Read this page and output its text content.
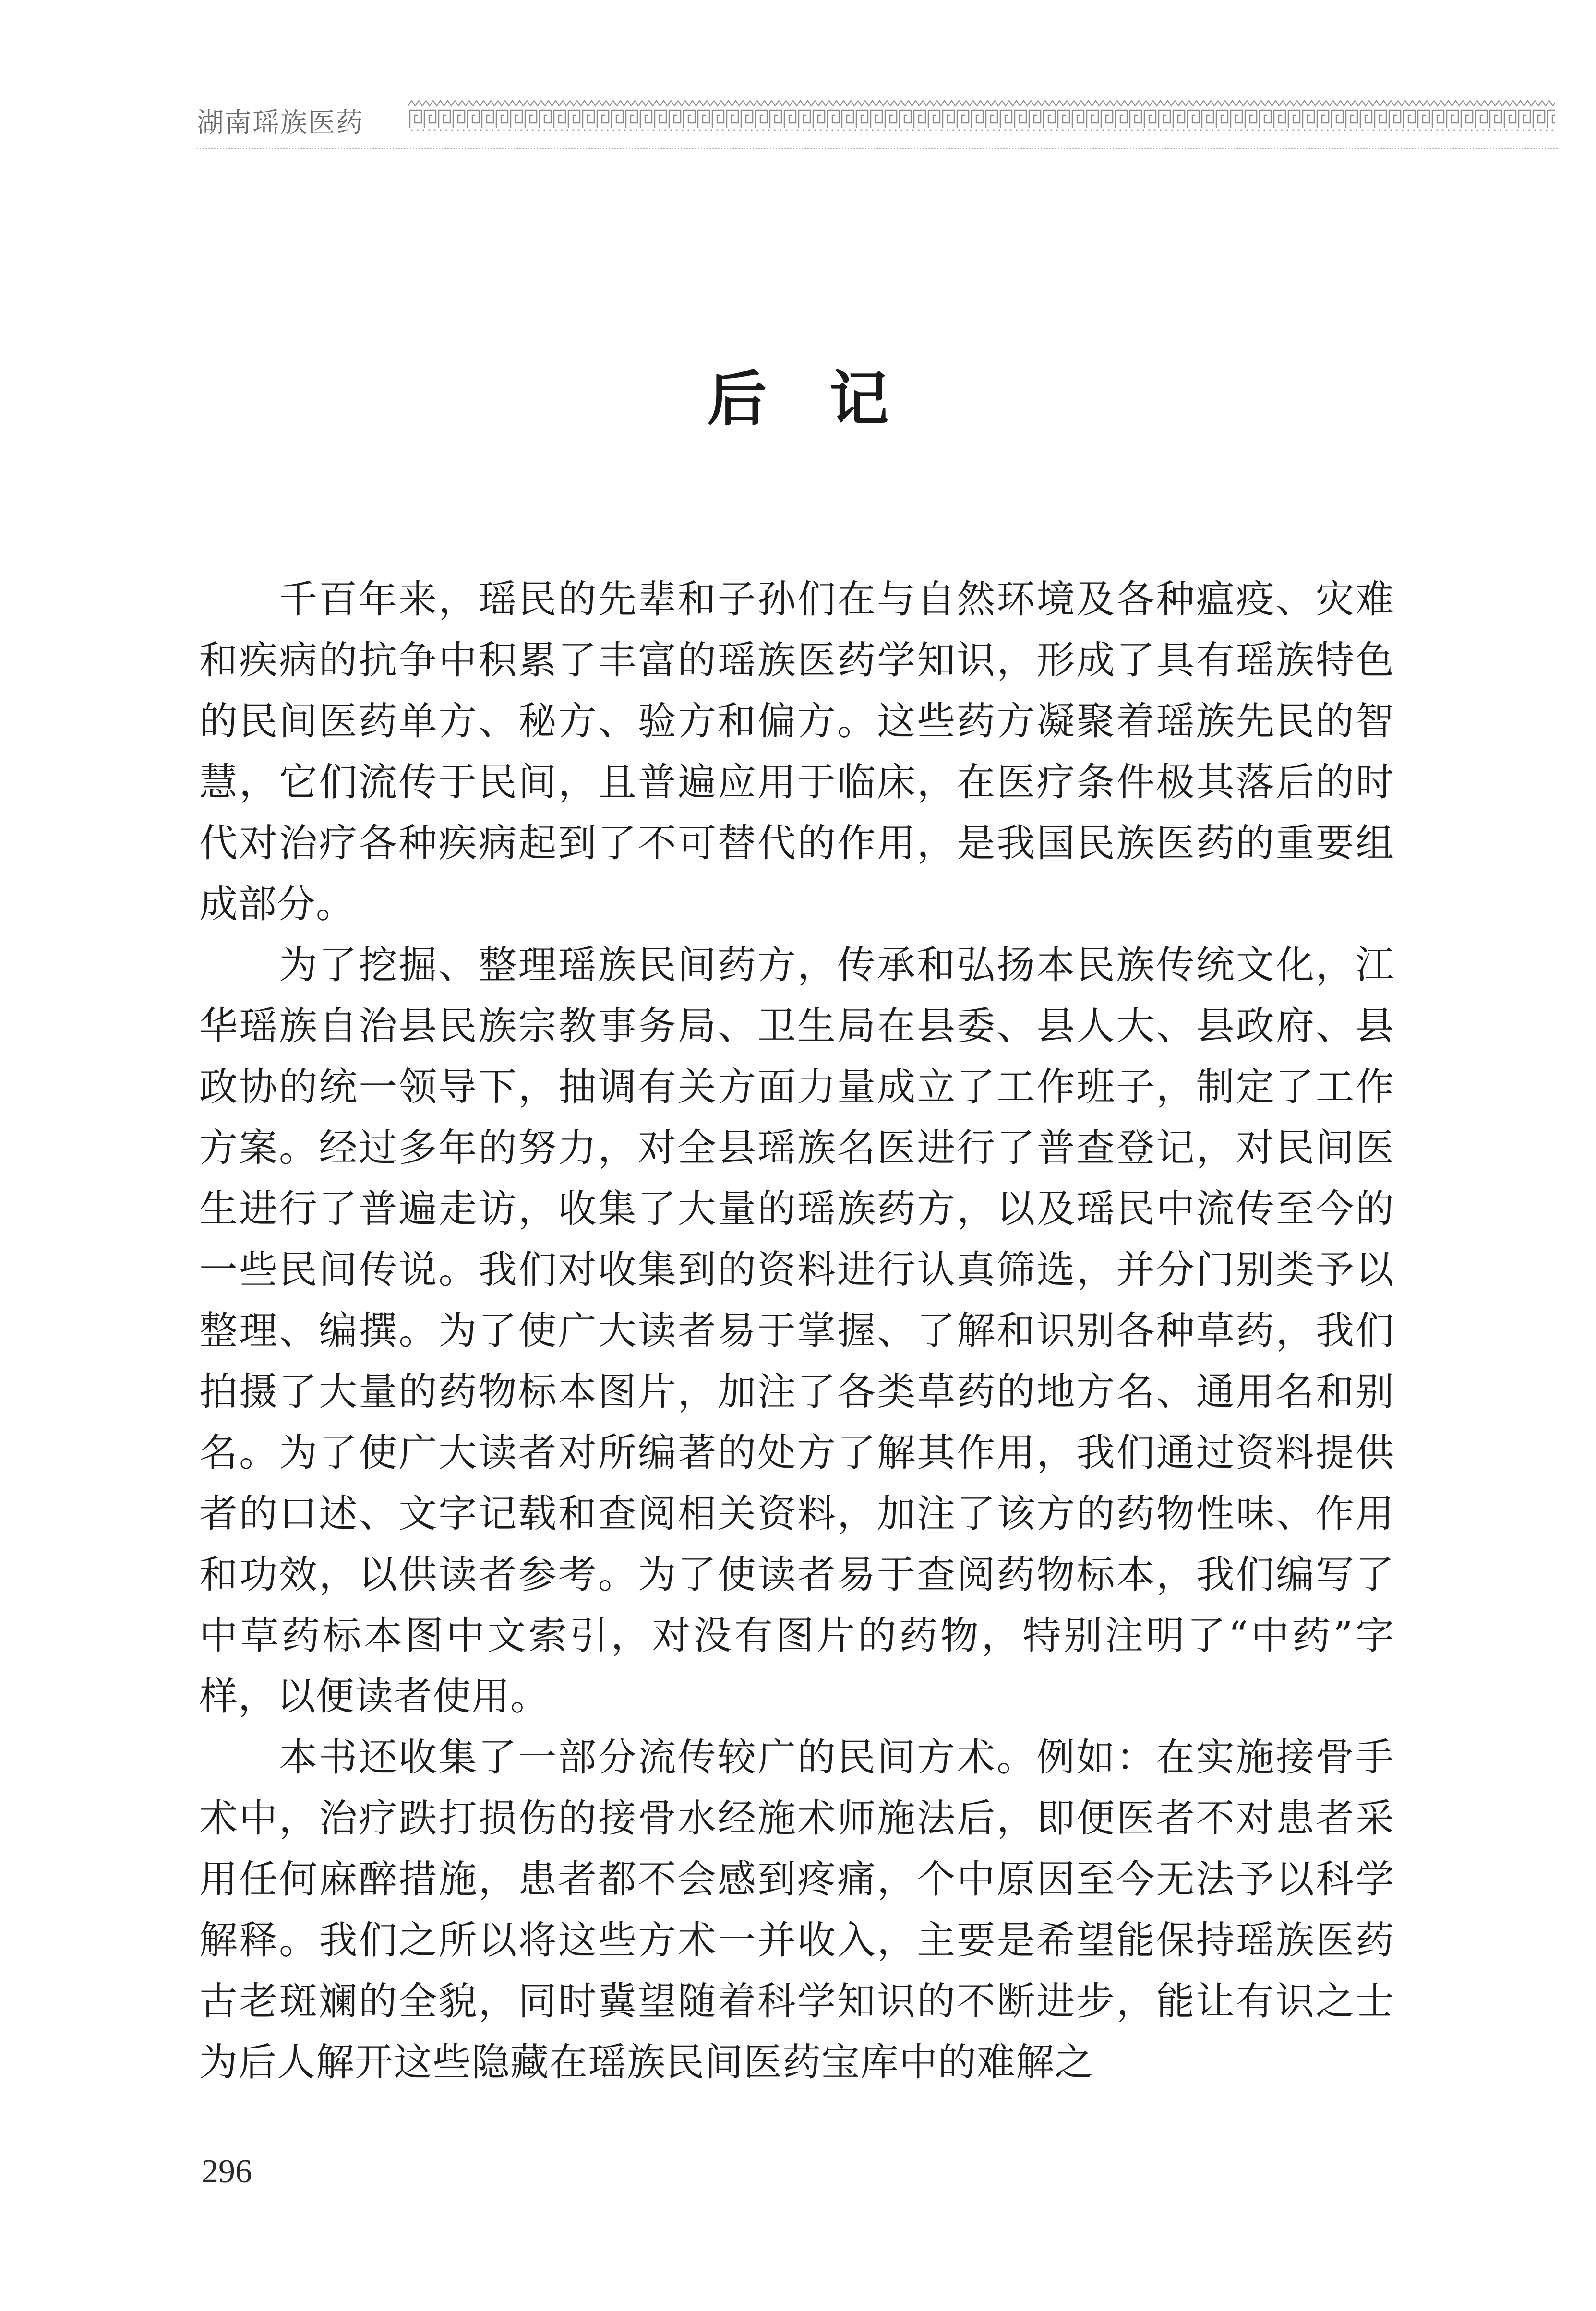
湖南瑶族医药
后记

千百年来，瑶民的先辈和子孙们在与自然环境及各种瘟疫、灾难和疾病的抗争中积累了丰富的瑶族医药学知识，形成了具有瑶族特色的民间医药单方、秘方、验方和偏方。这些药方凝聚着瑶族先民的智慧，它们流传于民间，且普遍应用于临床，在医疗条件极其落后的时代对治疗各种疾病起到了不可替代的作用，是我国民族医药的重要组成部分。

为了挖掘、整理瑶族民间药方，传承和弘扬本民族传统文化，江华瑶族自治县民族宗教事务局、卫生局在县委、县人大、县政府、县政协的统一领导下，抽调有关方面力量成立了工作班子，制定了工作方案。经过多年的努力，对全县瑶族名医进行了普查登记，对民间医生进行了普遍走访，收集了大量的瑶族药方，以及瑶民中流传至今的一些民间传说。我们对收集到的资料进行认真筛选，并分门别类予以整理、编撰。为了使广大读者易于掌握、了解和识别各种草药，我们拍摄了大量的药物标本图片，加注了各类草药的地方名、通用名和别名。为了使广大读者对所编著的处方了解其作用，我们通过资料提供者的口述、文字记载和查阅相关资料，加注了该方的药物性味、作用和功效，以供读者参考。为了使读者易于查阅药物标本，我们编写了中草药标本图中文索引，对没有图片的药物，特别注明了“中药”字样，以便读者使用。

本书还收集了一部分流传较广的民间方术。例如：在实施接骨手术中，治疗跌打损伤的接骨水经施术师施法后，即便医者不对患者采用任何麻醉措施，患者都不会感到疼痛，个中原因至今无法予以科学解释。我们之所以将这些方术一并收入，主要是希望能保持瑶族医药古老斑斓的全貌，同时冀望随着科学知识的不断进步，能让有识之士为后人解开这些隐藏在瑶族民间医药宝库中的难解之

296
